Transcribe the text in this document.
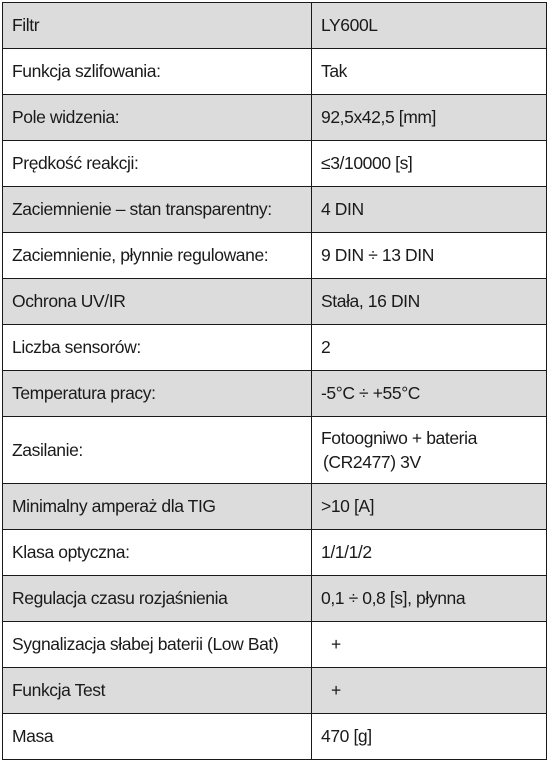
Filtr	LY600L
Funkcja szlifowania:	Tak
Pole widzenia:	92,5x42,5 [mm]
Prędkość reakcji:	≤3/10000 [s]
Zaciemnienie – stan transparentny:	4 DIN
Zaciemnienie, płynnie regulowane:	9 DIN ÷ 13 DIN
Ochrona UV/IR	Stała, 16 DIN
Liczba sensorów:	2
Temperatura pracy:	-5°C ÷ +55°C
Zasilanie:	Fotoogniwo + bateria
(CR2477) 3V

Minimalny amperaż dla TIG	>10 [A]
Klasa optyczna:	1/1/1/2
Regulacja czasu rozjaśnienia	0,1 ÷ 0,8 [s], płynna
Sygnalizacja słabej baterii (Low Bat)	+
Funkcja Test	+
Masa	470 [g]
